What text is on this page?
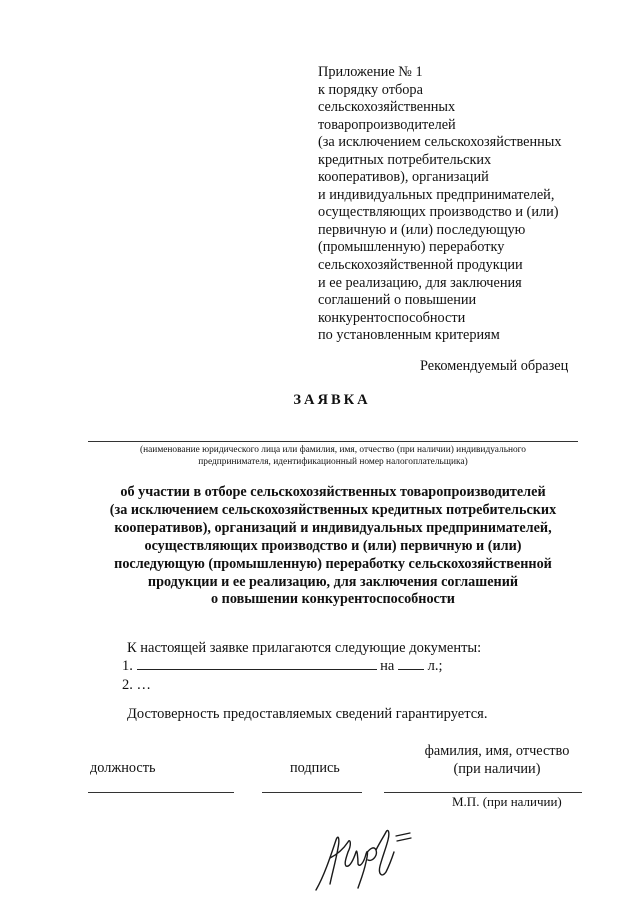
Приложение № 1
к порядку отбора
сельскохозяйственных
товаропроизводителей
(за исключением сельскохозяйственных
кредитных потребительских
кооперативов), организаций
и индивидуальных предпринимателей,
осуществляющих производство и (или)
первичную и (или) последующую
(промышленную) переработку
сельскохозяйственной продукции
и ее реализацию, для заключения
соглашений о повышении
конкурентоспособности
по установленным критериям
Рекомендуемый образец
ЗАЯВКА
(наименование юридического лица или фамилия, имя, отчество (при наличии) индивидуального
предпринимателя, идентификационный номер налогоплательщика)
об участии в отборе сельскохозяйственных товаропроизводителей
(за исключением сельскохозяйственных кредитных потребительских
кооперативов), организаций и индивидуальных предпринимателей,
осуществляющих производство и (или) первичную и (или)
последующую (промышленную) переработку сельскохозяйственной
продукции и ее реализацию, для заключения соглашений
о повышении конкурентоспособности
К настоящей заявке прилагаются следующие документы:
1.	на л.;
2. …
Достоверность предоставляемых сведений гарантируется.
фамилия, имя, отчество
(при наличии)
должность	подпись
М.П. (при наличии)
